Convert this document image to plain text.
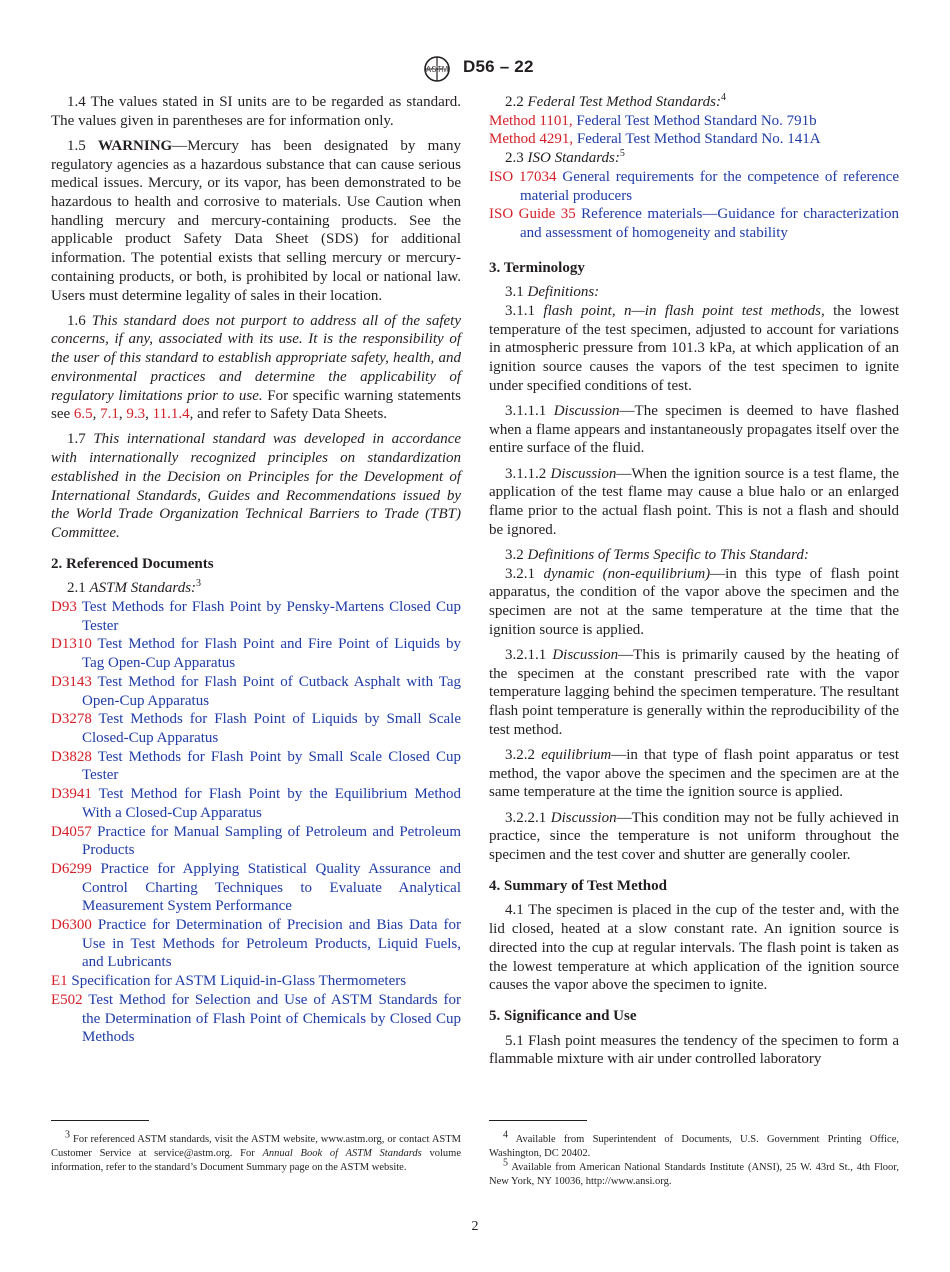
ASTM D56 – 22

1.4 The values stated in SI units are to be regarded as standard. The values given in parentheses are for information only.

1.5 WARNING—Mercury has been designated by many regulatory agencies as a hazardous substance that can cause serious medical issues. Mercury, or its vapor, has been demonstrated to be hazardous to health and corrosive to materials. Use Caution when handling mercury and mercury-containing products. See the applicable product Safety Data Sheet (SDS) for additional information. The potential exists that selling mercury or mercury-containing products, or both, is prohibited by local or national law. Users must determine legality of sales in their location.

1.6 This standard does not purport to address all of the safety concerns, if any, associated with its use. It is the responsibility of the user of this standard to establish appropriate safety, health, and environmental practices and determine the applicability of regulatory limitations prior to use. For specific warning statements see 6.5, 7.1, 9.3, 11.1.4, and refer to Safety Data Sheets.

1.7 This international standard was developed in accordance with internationally recognized principles on standardization established in the Decision on Principles for the Development of International Standards, Guides and Recommendations issued by the World Trade Organization Technical Barriers to Trade (TBT) Committee.

2. Referenced Documents

2.1 ASTM Standards:$^3$

D93 Test Methods for Flash Point by Pensky-Martens Closed Cup Tester
D1310 Test Method for Flash Point and Fire Point of Liquids by Tag Open-Cup Apparatus
D3143 Test Method for Flash Point of Cutback Asphalt with Tag Open-Cup Apparatus
D3278 Test Methods for Flash Point of Liquids by Small Scale Closed-Cup Apparatus
D3828 Test Methods for Flash Point by Small Scale Closed Cup Tester
D3941 Test Method for Flash Point by the Equilibrium Method With a Closed-Cup Apparatus
D4057 Practice for Manual Sampling of Petroleum and Petroleum Products
D6299 Practice for Applying Statistical Quality Assurance and Control Charting Techniques to Evaluate Analytical Measurement System Performance
D6300 Practice for Determination of Precision and Bias Data for Use in Test Methods for Petroleum Products, Liquid Fuels, and Lubricants
E1 Specification for ASTM Liquid-in-Glass Thermometers
E502 Test Method for Selection and Use of ASTM Standards for the Determination of Flash Point of Chemicals by Closed Cup Methods

2.2 Federal Test Method Standards:$^4$

Method 1101, Federal Test Method Standard No. 791b
Method 4291, Federal Test Method Standard No. 141A

2.3 ISO Standards:$^5$

ISO 17034 General requirements for the competence of reference material producers
ISO Guide 35 Reference materials—Guidance for characterization and assessment of homogeneity and stability
3. Terminology

3.1 Definitions:

3.1.1 flash point, n—in flash point test methods, the lowest temperature of the test specimen, adjusted to account for variations in atmospheric pressure from 101.3 kPa, at which application of an ignition source causes the vapors of the test specimen to ignite under specified conditions of test.

3.1.1.1 Discussion—The specimen is deemed to have flashed when a flame appears and instantaneously propagates itself over the entire surface of the fluid.

3.1.1.2 Discussion—When the ignition source is a test flame, the application of the test flame may cause a blue halo or an enlarged flame prior to the actual flash point. This is not a flash and should be ignored.

3.2 Definitions of Terms Specific to This Standard:

3.2.1 dynamic (non-equilibrium)—in this type of flash point apparatus, the condition of the vapor above the specimen and the specimen are not at the same temperature at the time that the ignition source is applied.

3.2.1.1 Discussion—This is primarily caused by the heating of the specimen at the constant prescribed rate with the vapor temperature lagging behind the specimen temperature. The resultant flash point temperature is generally within the reproducibility of the test method.

3.2.2 equilibrium—in that type of flash point apparatus or test method, the vapor above the specimen and the specimen are at the same temperature at the time the ignition source is applied.

3.2.2.1 Discussion—This condition may not be fully achieved in practice, since the temperature is not uniform throughout the specimen and the test cover and shutter are generally cooler.

4. Summary of Test Method

4.1 The specimen is placed in the cup of the tester and, with the lid closed, heated at a slow constant rate. An ignition source is directed into the cup at regular intervals. The flash point is taken as the lowest temperature at which application of the ignition source causes the vapor above the specimen to ignite.

5. Significance and Use

5.1 Flash point measures the tendency of the specimen to form a flammable mixture with air under controlled laboratory

$^3$ For referenced ASTM standards, visit the ASTM website, www.astm.org, or contact ASTM Customer Service at service@astm.org. For Annual Book of ASTM Standards volume information, refer to the standard’s Document Summary page on the ASTM website.

$^4$ Available from Superintendent of Documents, U.S. Government Printing Office, Washington, DC 20402.

$^5$ Available from American National Standards Institute (ANSI), 25 W. 43rd St., 4th Floor, New York, NY 10036, http://www.ansi.org.

2
